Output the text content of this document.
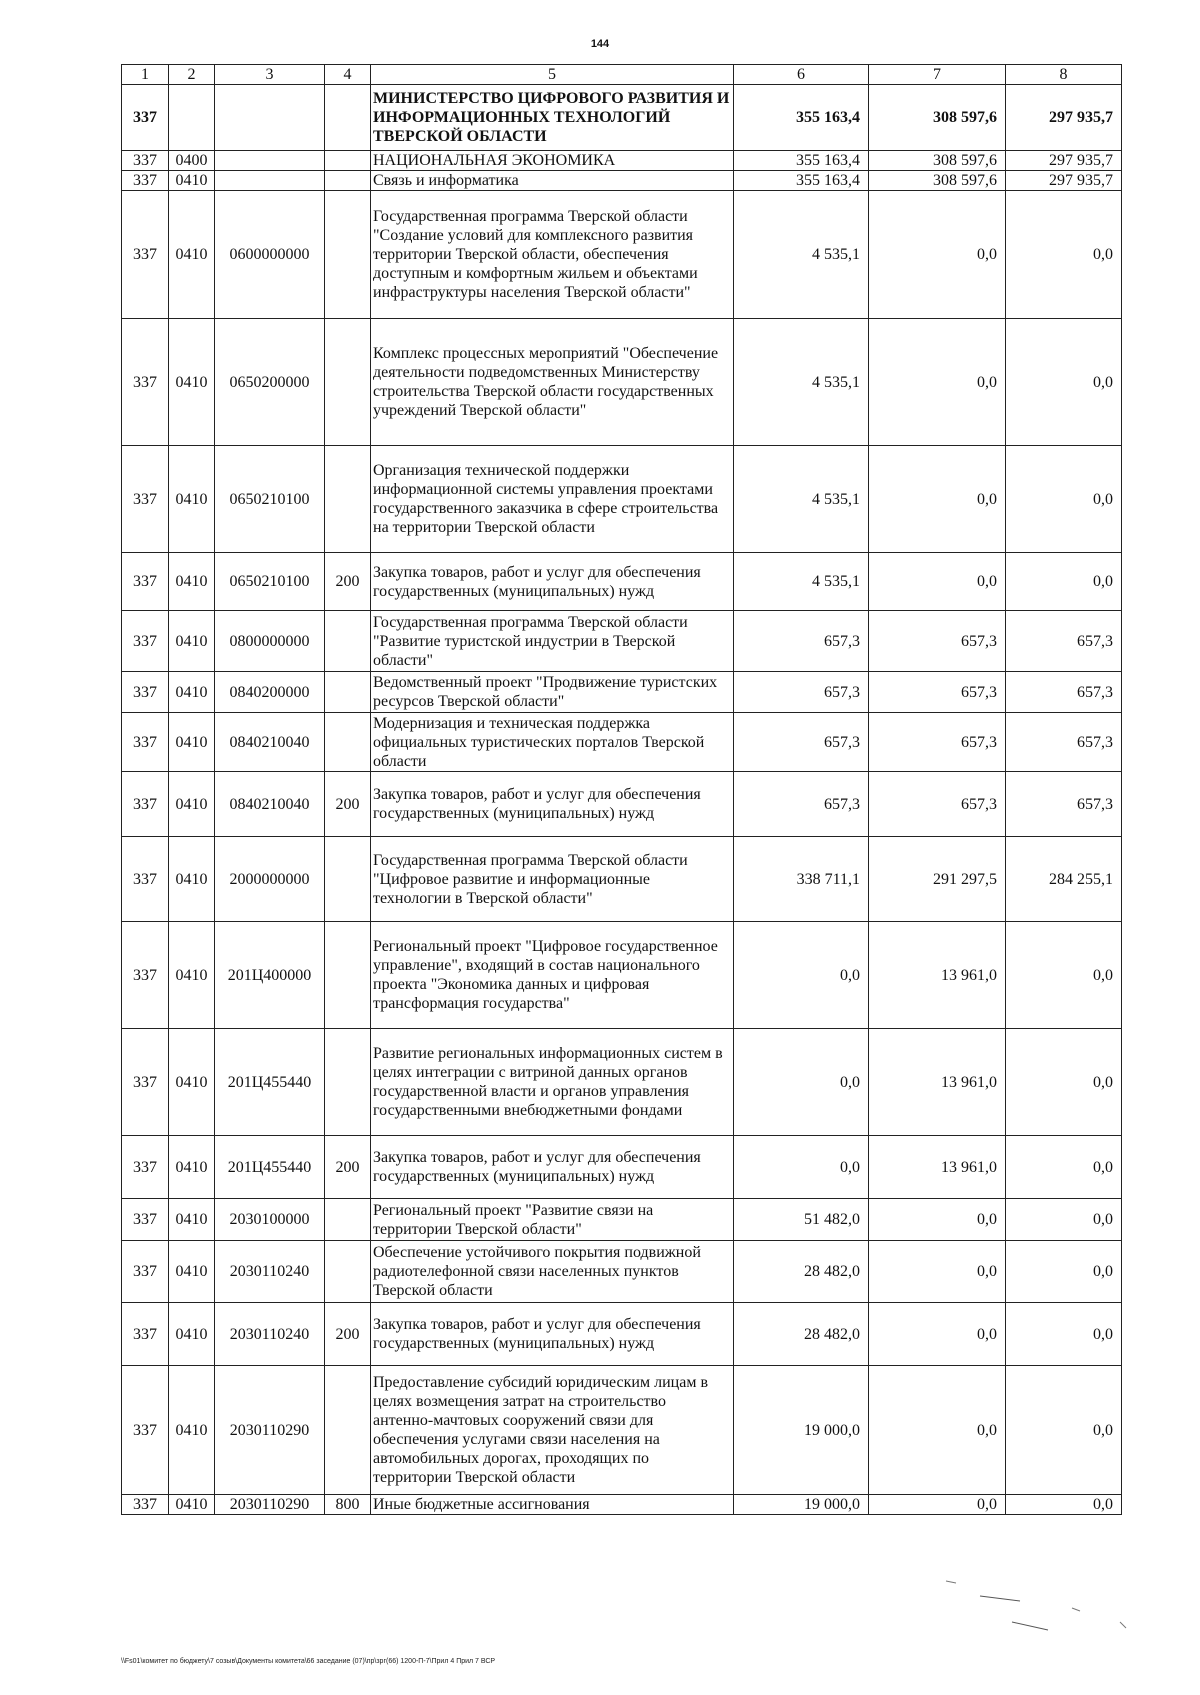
144
1	2	3	4	5	6	7	8
337				МИНИСТЕРСТВО ЦИФРОВОГО РАЗВИТИЯ И ИНФОРМАЦИОННЫХ ТЕХНОЛОГИЙ ТВЕРСКОЙ ОБЛАСТИ	355 163,4	308 597,6	297 935,7
337	0400			НАЦИОНАЛЬНАЯ ЭКОНОМИКА	355 163,4	308 597,6	297 935,7
337	0410			Связь и информатика	355 163,4	308 597,6	297 935,7
337	0410	0600000000		Государственная программа Тверской области "Создание условий для комплексного развития территории Тверской области, обеспечения доступным и комфортным жильем и объектами инфраструктуры населения Тверской области"	4 535,1	0,0	0,0
337	0410	0650200000		Комплекс процессных мероприятий "Обеспечение деятельности подведомственных Министерству строительства Тверской области государственных учреждений Тверской области"	4 535,1	0,0	0,0
337	0410	0650210100		Организация технической поддержки информационной системы управления проектами государственного заказчика в сфере строительства на территории Тверской области	4 535,1	0,0	0,0
337	0410	0650210100	200	Закупка товаров, работ и услуг для обеспечения государственных (муниципальных) нужд	4 535,1	0,0	0,0
337	0410	0800000000		Государственная программа Тверской области "Развитие туристской индустрии в Тверской области"	657,3	657,3	657,3
337	0410	0840200000		Ведомственный проект "Продвижение туристских ресурсов Тверской области"	657,3	657,3	657,3
337	0410	0840210040		Модернизация и техническая поддержка официальных туристических порталов Тверской области	657,3	657,3	657,3
337	0410	0840210040	200	Закупка товаров, работ и услуг для обеспечения государственных (муниципальных) нужд	657,3	657,3	657,3
337	0410	2000000000		Государственная программа Тверской области "Цифровое развитие и информационные технологии в Тверской области"	338 711,1	291 297,5	284 255,1
337	0410	201Ц400000		Региональный проект "Цифровое государственное управление", входящий в состав национального проекта "Экономика данных и цифровая трансформация государства"	0,0	13 961,0	0,0
337	0410	201Ц455440		Развитие региональных информационных систем в целях интеграции с витриной данных органов государственной власти и органов управления государственными внебюджетными фондами	0,0	13 961,0	0,0
337	0410	201Ц455440	200	Закупка товаров, работ и услуг для обеспечения государственных (муниципальных) нужд	0,0	13 961,0	0,0
337	0410	2030100000		Региональный проект "Развитие связи на территории Тверской области"	51 482,0	0,0	0,0
337	0410	2030110240		Обеспечение устойчивого покрытия подвижной радиотелефонной связи населенных пунктов Тверской области	28 482,0	0,0	0,0
337	0410	2030110240	200	Закупка товаров, работ и услуг для обеспечения государственных (муниципальных) нужд	28 482,0	0,0	0,0
337	0410	2030110290		Предоставление субсидий юридическим лицам в целях возмещения затрат на строительство антенно-мачтовых сооружений связи для обеспечения услугами связи населения на автомобильных дорогах, проходящих по территории Тверской области	19 000,0	0,0	0,0
337	0410	2030110290	800	Иные бюджетные ассигнования	19 000,0	0,0	0,0
\\Fs01\комитет по бюджету\7 созыв\Документы комитета\66 заседание (07)\пр\зрг(66) 1200-П-7\Прил 4 Прил 7 ВСР
